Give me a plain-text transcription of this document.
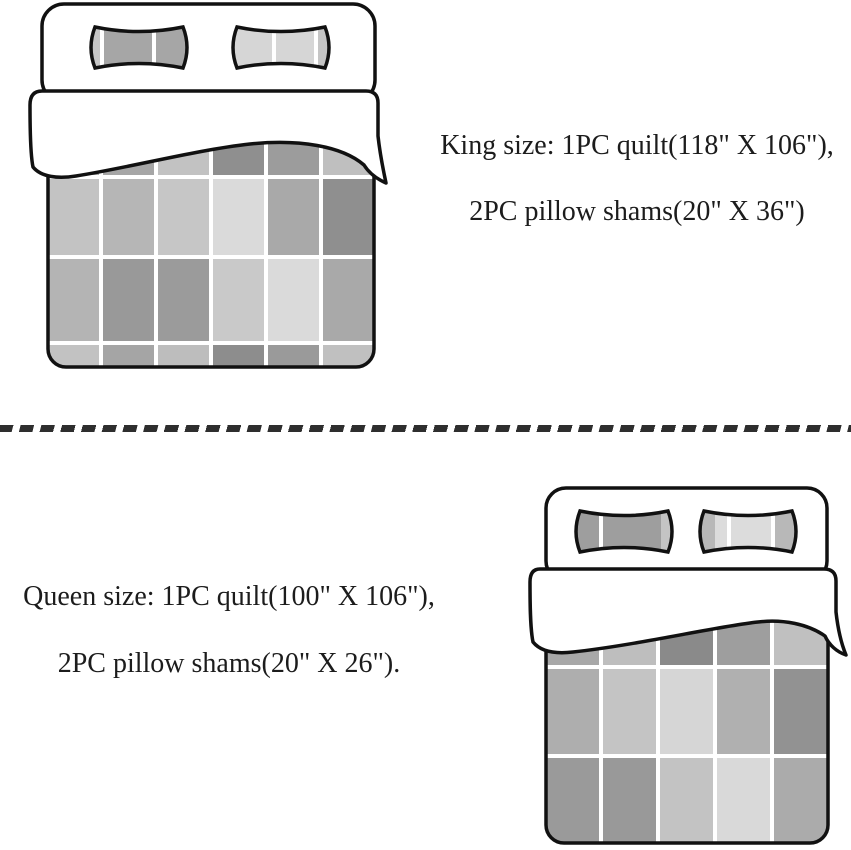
King size: 1PC quilt(118" X 106"),

2PC pillow shams(20" X 36")

Queen size: 1PC quilt(100" X 106"),

2PC pillow shams(20" X 26").
